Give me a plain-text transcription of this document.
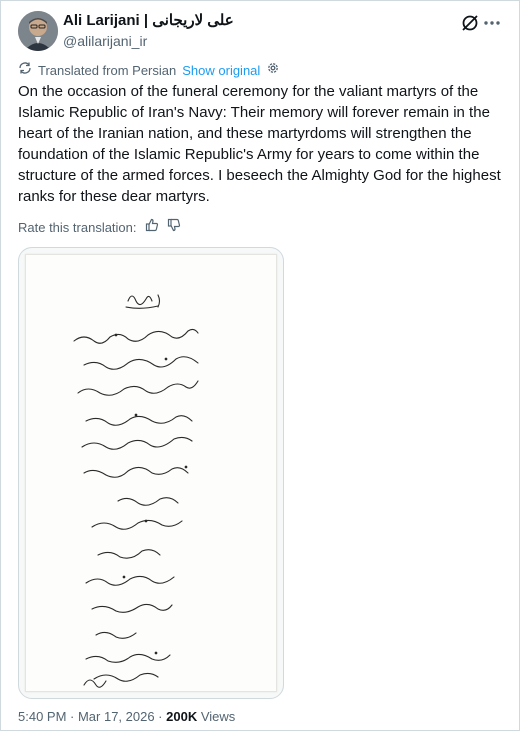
Ali Larijani | علی لاریجانی
@alilarijani_ir
Translated from Persian Show original
On the occasion of the funeral ceremony for the valiant martyrs of the Islamic Republic of Iran's Navy: Their memory will forever remain in the heart of the Iranian nation, and these martyrdoms will strengthen the foundation of the Islamic Republic's Army for years to come within the structure of the armed forces. I beseech the Almighty God for the highest ranks for these dear martyrs.
Rate this translation:
5:40 PM · Mar 17, 2026 · 200K Views
